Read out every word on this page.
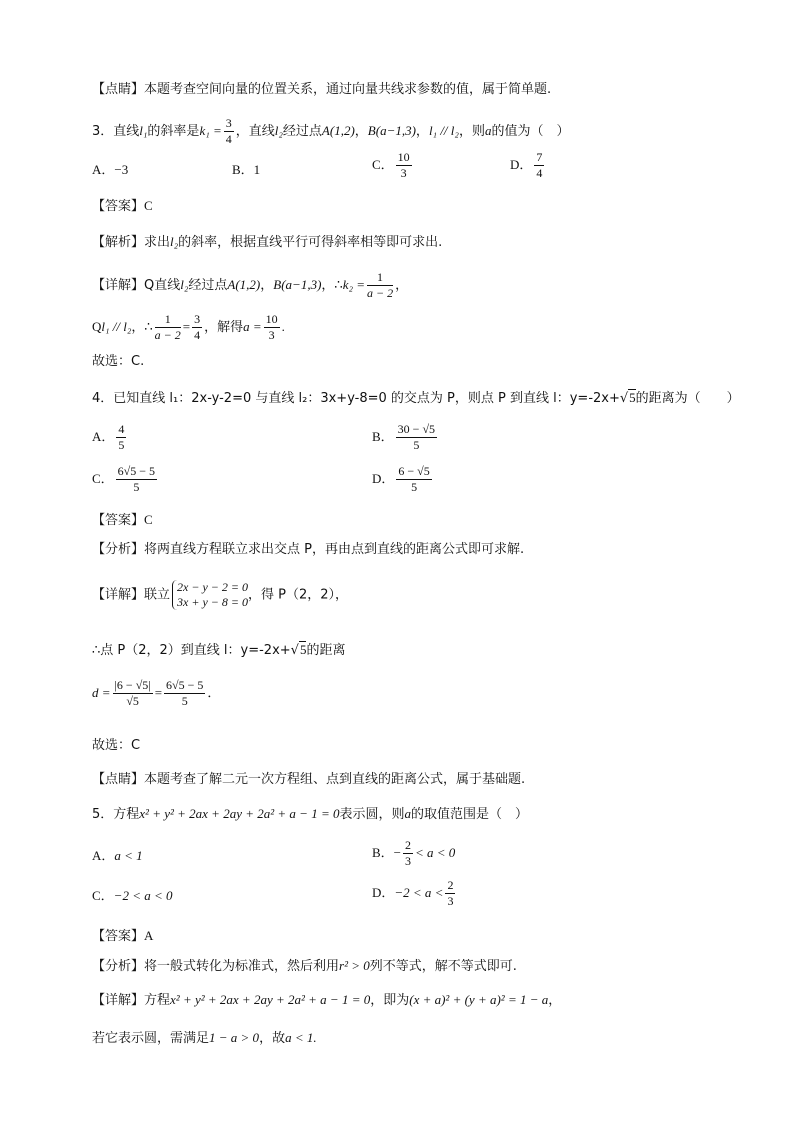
【点睛】本题考查空间向量的位置关系，通过向量共线求参数的值，属于简单题.
3．直线l₁的斜率是$k_1 = \frac{3}{4}$ ，直线l₂经过点A(1,2)，B(a−1,3)，l₁ // l₂，则a的值为（　）
A．−3	B．1	C． $\frac{10}{3}$	D． $\frac{7}{4}$
【答案】C
【解析】求出l₂的斜率，根据直线平行可得斜率相等即可求出.
【详解】Q直线l₂经过点A(1,2)，B(a−1,3)，∴k₂ = $\frac{1}{a - 2}$ ，
Ql₁ // l₂，∴ $\frac{1}{a - 2} = \frac{3}{4}$ ，解得$a = \frac{10}{3}$ .
故选：C.
4．已知直线 l₁：2x-y-2=0 与直线 l₂：3x+y-8=0 的交点为 P，则点 P 到直线 l：y=-2x+√5的距离为（　　）
A． $\frac{4}{5}$	B． $\frac{30 - √5}{5}$
C． $\frac{6√5 - 5}{5}$	D． $\frac{6 - √5}{5}$
【答案】C
【分析】将两直线方程联立求出交点 P，再由点到直线的距离公式即可求解.
【详解】联立
2x − y − 2 = 0
3x + y − 8 = 0 ，得 P（2，2），
∴点 P（2，2）到直线 l：y=-2x+√5的距离
$d = \frac{|6 - √5|}{√5} = \frac{6√5 - 5}{5}$ ．
故选：C
【点睛】本题考查了解二元一次方程组、点到直线的距离公式，属于基础题.
5．方程x² + y² + 2ax + 2ay + 2a² + a − 1 = 0表示圆，则a的取值范围是（　）
A．a < 1	B．− $\frac{2}{3} < a < 0$
C．−2 < a < 0	D．$-2 < a < \frac{2}{3}$
【答案】A
【分析】将一般式转化为标准式，然后利用r² > 0列不等式，解不等式即可.
【详解】方程x² + y² + 2ax + 2ay + 2a² + a − 1 = 0，即为(x + a)² + (y + a)² = 1 − a，
若它表示圆，需满足1 − a > 0，故a < 1.
